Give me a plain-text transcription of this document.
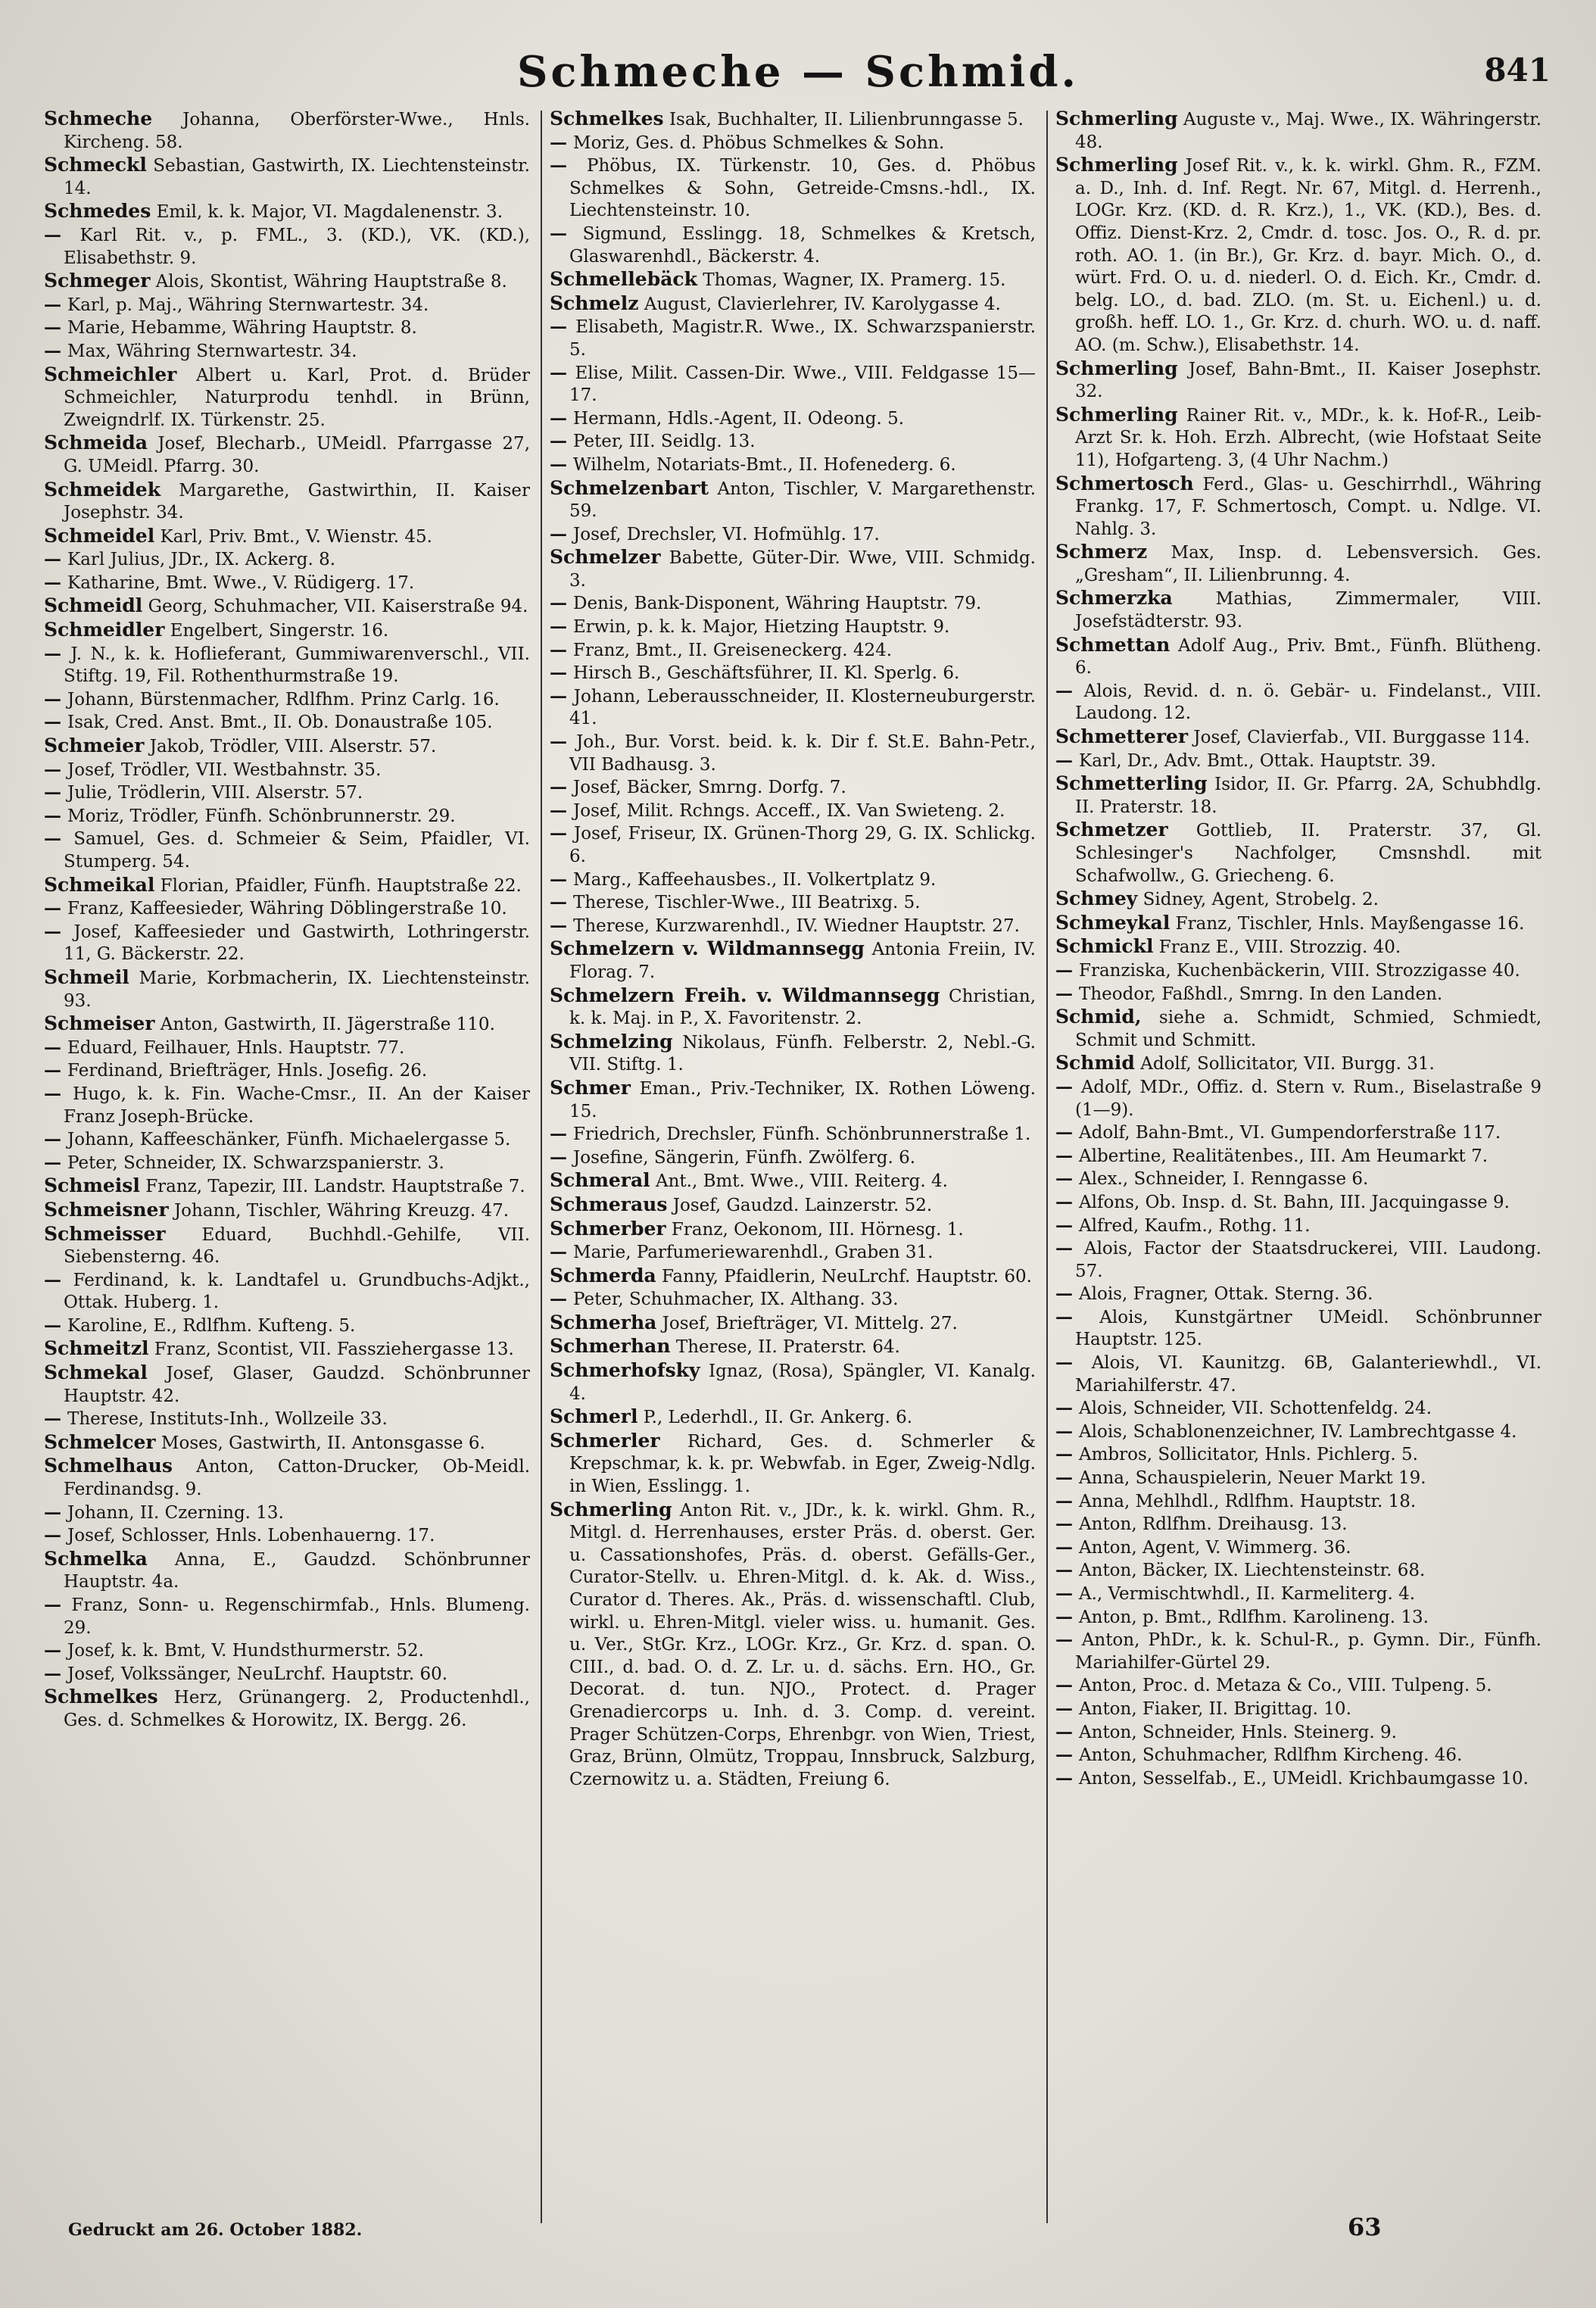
Schmeche — Schmid.	841

Schmeche Johanna, Oberförster-Wwe., Hnls. Kircheng. 58.

Schmeckl Sebastian, Gastwirth, IX. Liechtensteinstr. 14.

Schmedes Emil, k. k. Major, VI. Magdalenenstr. 3.

— Karl Rit. v., p. FML., 3. (KD.), VK. (KD.), Elisabethstr. 9.

Schmeger Alois, Skontist, Währing Hauptstraße 8.

— Karl, p. Maj., Währing Sternwartestr. 34.

— Marie, Hebamme, Währing Hauptstr. 8.

— Max, Währing Sternwartestr. 34.

Schmeichler Albert u. Karl, Prot. d. Brüder Schmeichler, Naturprodu tenhdl. in Brünn, Zweigndrlf. IX. Türkenstr. 25.

Schmeida Josef, Blecharb., UMeidl. Pfarrgasse 27, G. UMeidl. Pfarrg. 30.

Schmeidek Margarethe, Gastwirthin, II. Kaiser Josephstr. 34.

Schmeidel Karl, Priv. Bmt., V. Wienstr. 45.

— Karl Julius, JDr., IX. Ackerg. 8.

— Katharine, Bmt. Wwe., V. Rüdigerg. 17.

Schmeidl Georg, Schuhmacher, VII. Kaiserstraße 94.

Schmeidler Engelbert, Singerstr. 16.

— J. N., k. k. Hoflieferant, Gummiwarenverschl., VII. Stiftg. 19, Fil. Rothenthurmstraße 19.

— Johann, Bürstenmacher, Rdlfhm. Prinz Carlg. 16.

— Isak, Cred. Anst. Bmt., II. Ob. Donaustraße 105.

Schmeier Jakob, Trödler, VIII. Alserstr. 57.

— Josef, Trödler, VII. Westbahnstr. 35.

— Julie, Trödlerin, VIII. Alserstr. 57.

— Moriz, Trödler, Fünfh. Schönbrunnerstr. 29.

— Samuel, Ges. d. Schmeier & Seim, Pfaidler, VI. Stumperg. 54.

Schmeikal Florian, Pfaidler, Fünfh. Hauptstraße 22.

— Franz, Kaffeesieder, Währing Döblingerstraße 10.

— Josef, Kaffeesieder und Gastwirth, Lothringerstr. 11, G. Bäckerstr. 22.

Schmeil Marie, Korbmacherin, IX. Liechtensteinstr. 93.

Schmeiser Anton, Gastwirth, II. Jägerstraße 110.

— Eduard, Feilhauer, Hnls. Hauptstr. 77.

— Ferdinand, Briefträger, Hnls. Josefig. 26.

— Hugo, k. k. Fin. Wache-Cmsr., II. An der Kaiser Franz Joseph-Brücke.

— Johann, Kaffeeschänker, Fünfh. Michaelergasse 5.

— Peter, Schneider, IX. Schwarzspanierstr. 3.

Schmeisl Franz, Tapezir, III. Landstr. Hauptstraße 7.

Schmeisner Johann, Tischler, Währing Kreuzg. 47.

Schmeisser Eduard, Buchhdl.-Gehilfe, VII. Siebensterng. 46.

— Ferdinand, k. k. Landtafel u. Grundbuchs-Adjkt., Ottak. Huberg. 1.

— Karoline, E., Rdlfhm. Kufteng. 5.

Schmeitzl Franz, Scontist, VII. Fassziehergasse 13.

Schmekal Josef, Glaser, Gaudzd. Schönbrunner Hauptstr. 42.

— Therese, Instituts-Inh., Wollzeile 33.

Schmelcer Moses, Gastwirth, II. Antonsgasse 6.

Schmelhaus Anton, Catton-Drucker, Ob-Meidl. Ferdinandsg. 9.

— Johann, II. Czerning. 13.

— Josef, Schlosser, Hnls. Lobenhauerng. 17.

Schmelka Anna, E., Gaudzd. Schönbrunner Hauptstr. 4a.

— Franz, Sonn- u. Regenschirmfab., Hnls. Blumeng. 29.

— Josef, k. k. Bmt, V. Hundsthurmerstr. 52.

— Josef, Volkssänger, NeuLrchf. Hauptstr. 60.

Schmelkes Herz, Grünangerg. 2, Productenhdl., Ges. d. Schmelkes & Horowitz, IX. Bergg. 26.

Schmelkes Isak, Buchhalter, II. Lilienbrunngasse 5.

— Moriz, Ges. d. Phöbus Schmelkes & Sohn.

— Phöbus, IX. Türkenstr. 10, Ges. d. Phöbus Schmelkes & Sohn, Getreide-Cmsns.-hdl., IX. Liechtensteinstr. 10.

— Sigmund, Esslingg. 18, Schmelkes & Kretsch, Glaswarenhdl., Bäckerstr. 4.

Schmellebäck Thomas, Wagner, IX. Pramerg. 15.

Schmelz August, Clavierlehrer, IV. Karolygasse 4.

— Elisabeth, Magistr.R. Wwe., IX. Schwarzspanierstr. 5.

— Elise, Milit. Cassen-Dir. Wwe., VIII. Feldgasse 15—17.

— Hermann, Hdls.-Agent, II. Odeong. 5.

— Peter, III. Seidlg. 13.

— Wilhelm, Notariats-Bmt., II. Hofenederg. 6.

Schmelzenbart Anton, Tischler, V. Margarethenstr. 59.

— Josef, Drechsler, VI. Hofmühlg. 17.

Schmelzer Babette, Güter-Dir. Wwe, VIII. Schmidg. 3.

— Denis, Bank-Disponent, Währing Hauptstr. 79.

— Erwin, p. k. k. Major, Hietzing Hauptstr. 9.

— Franz, Bmt., II. Greiseneckerg. 424.

— Hirsch B., Geschäftsführer, II. Kl. Sperlg. 6.

— Johann, Leberausschneider, II. Klosterneuburgerstr. 41.

— Joh., Bur. Vorst. beid. k. k. Dir f. St.E. Bahn-Petr., VII Badhausg. 3.

— Josef, Bäcker, Smrng. Dorfg. 7.

— Josef, Milit. Rchngs. Acceff., IX. Van Swieteng. 2.

— Josef, Friseur, IX. Grünen-Thorg 29, G. IX. Schlickg. 6.

— Marg., Kaffeehausbes., II. Volkertplatz 9.

— Therese, Tischler-Wwe., III Beatrixg. 5.

— Therese, Kurzwarenhdl., IV. Wiedner Hauptstr. 27.

Schmelzern v. Wildmannsegg Antonia Freiin, IV. Florag. 7.

Schmelzern Freih. v. Wildmannsegg Christian, k. k. Maj. in P., X. Favoritenstr. 2.

Schmelzing Nikolaus, Fünfh. Felberstr. 2, Nebl.-G. VII. Stiftg. 1.

Schmer Eman., Priv.-Techniker, IX. Rothen Löweng. 15.

— Friedrich, Drechsler, Fünfh. Schönbrunnerstraße 1.

— Josefine, Sängerin, Fünfh. Zwölferg. 6.

Schmeral Ant., Bmt. Wwe., VIII. Reiterg. 4.

Schmeraus Josef, Gaudzd. Lainzerstr. 52.

Schmerber Franz, Oekonom, III. Hörnesg. 1.

— Marie, Parfumeriewarenhdl., Graben 31.

Schmerda Fanny, Pfaidlerin, NeuLrchf. Hauptstr. 60.

— Peter, Schuhmacher, IX. Althang. 33.

Schmerha Josef, Briefträger, VI. Mittelg. 27.

Schmerhan Therese, II. Praterstr. 64.

Schmerhofsky Ignaz, (Rosa), Spängler, VI. Kanalg. 4.

Schmerl P., Lederhdl., II. Gr. Ankerg. 6.

Schmerler Richard, Ges. d. Schmerler & Krepschmar, k. k. pr. Webwfab. in Eger, Zweig-Ndlg. in Wien, Esslingg. 1.

Schmerling Anton Rit. v., JDr., k. k. wirkl. Ghm. R., Mitgl. d. Herrenhauses, erster Präs. d. oberst. Ger. u. Cassationshofes, Präs. d. oberst. Gefälls-Ger., Curator-Stellv. u. Ehren-Mitgl. d. k. Ak. d. Wiss., Curator d. Theres. Ak., Präs. d. wissenschaftl. Club, wirkl. u. Ehren-Mitgl. vieler wiss. u. humanit. Ges. u. Ver., StGr. Krz., LOGr. Krz., Gr. Krz. d. span. O. CIII., d. bad. O. d. Z. Lr. u. d. sächs. Ern. HO., Gr. Decorat. d. tun. NJO., Protect. d. Prager Grenadiercorps u. Inh. d. 3. Comp. d. vereint. Prager Schützen-Corps, Ehrenbgr. von Wien, Triest, Graz, Brünn, Olmütz, Troppau, Innsbruck, Salzburg, Czernowitz u. a. Städten, Freiung 6.

Schmerling Auguste v., Maj. Wwe., IX. Währingerstr. 48.

Schmerling Josef Rit. v., k. k. wirkl. Ghm. R., FZM. a. D., Inh. d. Inf. Regt. Nr. 67, Mitgl. d. Herrenh., LOGr. Krz. (KD. d. R. Krz.), 1., VK. (KD.), Bes. d. Offiz. Dienst-Krz. 2, Cmdr. d. tosc. Jos. O., R. d. pr. roth. AO. 1. (in Br.), Gr. Krz. d. bayr. Mich. O., d. würt. Frd. O. u. d. niederl. O. d. Eich. Kr., Cmdr. d. belg. LO., d. bad. ZLO. (m. St. u. Eichenl.) u. d. großh. heff. LO. 1., Gr. Krz. d. churh. WO. u. d. naff. AO. (m. Schw.), Elisabethstr. 14.

Schmerling Josef, Bahn-Bmt., II. Kaiser Josephstr. 32.

Schmerling Rainer Rit. v., MDr., k. k. Hof-R., Leib-Arzt Sr. k. Hoh. Erzh. Albrecht, (wie Hofstaat Seite 11), Hofgarteng. 3, (4 Uhr Nachm.)

Schmertosch Ferd., Glas- u. Geschirrhdl., Währing Frankg. 17, F. Schmertosch, Compt. u. Ndlge. VI. Nahlg. 3.

Schmerz Max, Insp. d. Lebensversich. Ges. „Gresham“, II. Lilienbrunng. 4.

Schmerzka Mathias, Zimmermaler, VIII. Josefstädterstr. 93.

Schmettan Adolf Aug., Priv. Bmt., Fünfh. Blütheng. 6.

— Alois, Revid. d. n. ö. Gebär- u. Findelanst., VIII. Laudong. 12.

Schmetterer Josef, Clavierfab., VII. Burggasse 114.

— Karl, Dr., Adv. Bmt., Ottak. Hauptstr. 39.

Schmetterling Isidor, II. Gr. Pfarrg. 2A, Schubhdlg. II. Praterstr. 18.

Schmetzer Gottlieb, II. Praterstr. 37, Gl. Schlesinger's Nachfolger, Cmsnshdl. mit Schafwollw., G. Griecheng. 6.

Schmey Sidney, Agent, Strobelg. 2.

Schmeykal Franz, Tischler, Hnls. Mayßengasse 16.

Schmickl Franz E., VIII. Strozzig. 40.

— Franziska, Kuchenbäckerin, VIII. Strozzigasse 40.

— Theodor, Faßhdl., Smrng. In den Landen.

Schmid, siehe a. Schmidt, Schmied, Schmiedt, Schmit und Schmitt.

Schmid Adolf, Sollicitator, VII. Burgg. 31.

— Adolf, MDr., Offiz. d. Stern v. Rum., Biselastraße 9 (1—9).

— Adolf, Bahn-Bmt., VI. Gumpendorferstraße 117.

— Albertine, Realitätenbes., III. Am Heumarkt 7.

— Alex., Schneider, I. Renngasse 6.

— Alfons, Ob. Insp. d. St. Bahn, III. Jacquingasse 9.

— Alfred, Kaufm., Rothg. 11.

— Alois, Factor der Staatsdruckerei, VIII. Laudong. 57.

— Alois, Fragner, Ottak. Sterng. 36.

— Alois, Kunstgärtner UMeidl. Schönbrunner Hauptstr. 125.

— Alois, VI. Kaunitzg. 6B, Galanteriewhdl., VI. Mariahilferstr. 47.

— Alois, Schneider, VII. Schottenfeldg. 24.

— Alois, Schablonenzeichner, IV. Lambrechtgasse 4.

— Ambros, Sollicitator, Hnls. Pichlerg. 5.

— Anna, Schauspielerin, Neuer Markt 19.

— Anna, Mehlhdl., Rdlfhm. Hauptstr. 18.

— Anton, Rdlfhm. Dreihausg. 13.

— Anton, Agent, V. Wimmerg. 36.

— Anton, Bäcker, IX. Liechtensteinstr. 68.

— A., Vermischtwhdl., II. Karmeliterg. 4.

— Anton, p. Bmt., Rdlfhm. Karolineng. 13.

— Anton, PhDr., k. k. Schul-R., p. Gymn. Dir., Fünfh. Mariahilfer-Gürtel 29.

— Anton, Proc. d. Metaza & Co., VIII. Tulpeng. 5.

— Anton, Fiaker, II. Brigittag. 10.

— Anton, Schneider, Hnls. Steinerg. 9.

— Anton, Schuhmacher, Rdlfhm Kircheng. 46.

— Anton, Sesselfab., E., UMeidl. Krichbaumgasse 10.

Gedruckt am 26. October 1882.	63
